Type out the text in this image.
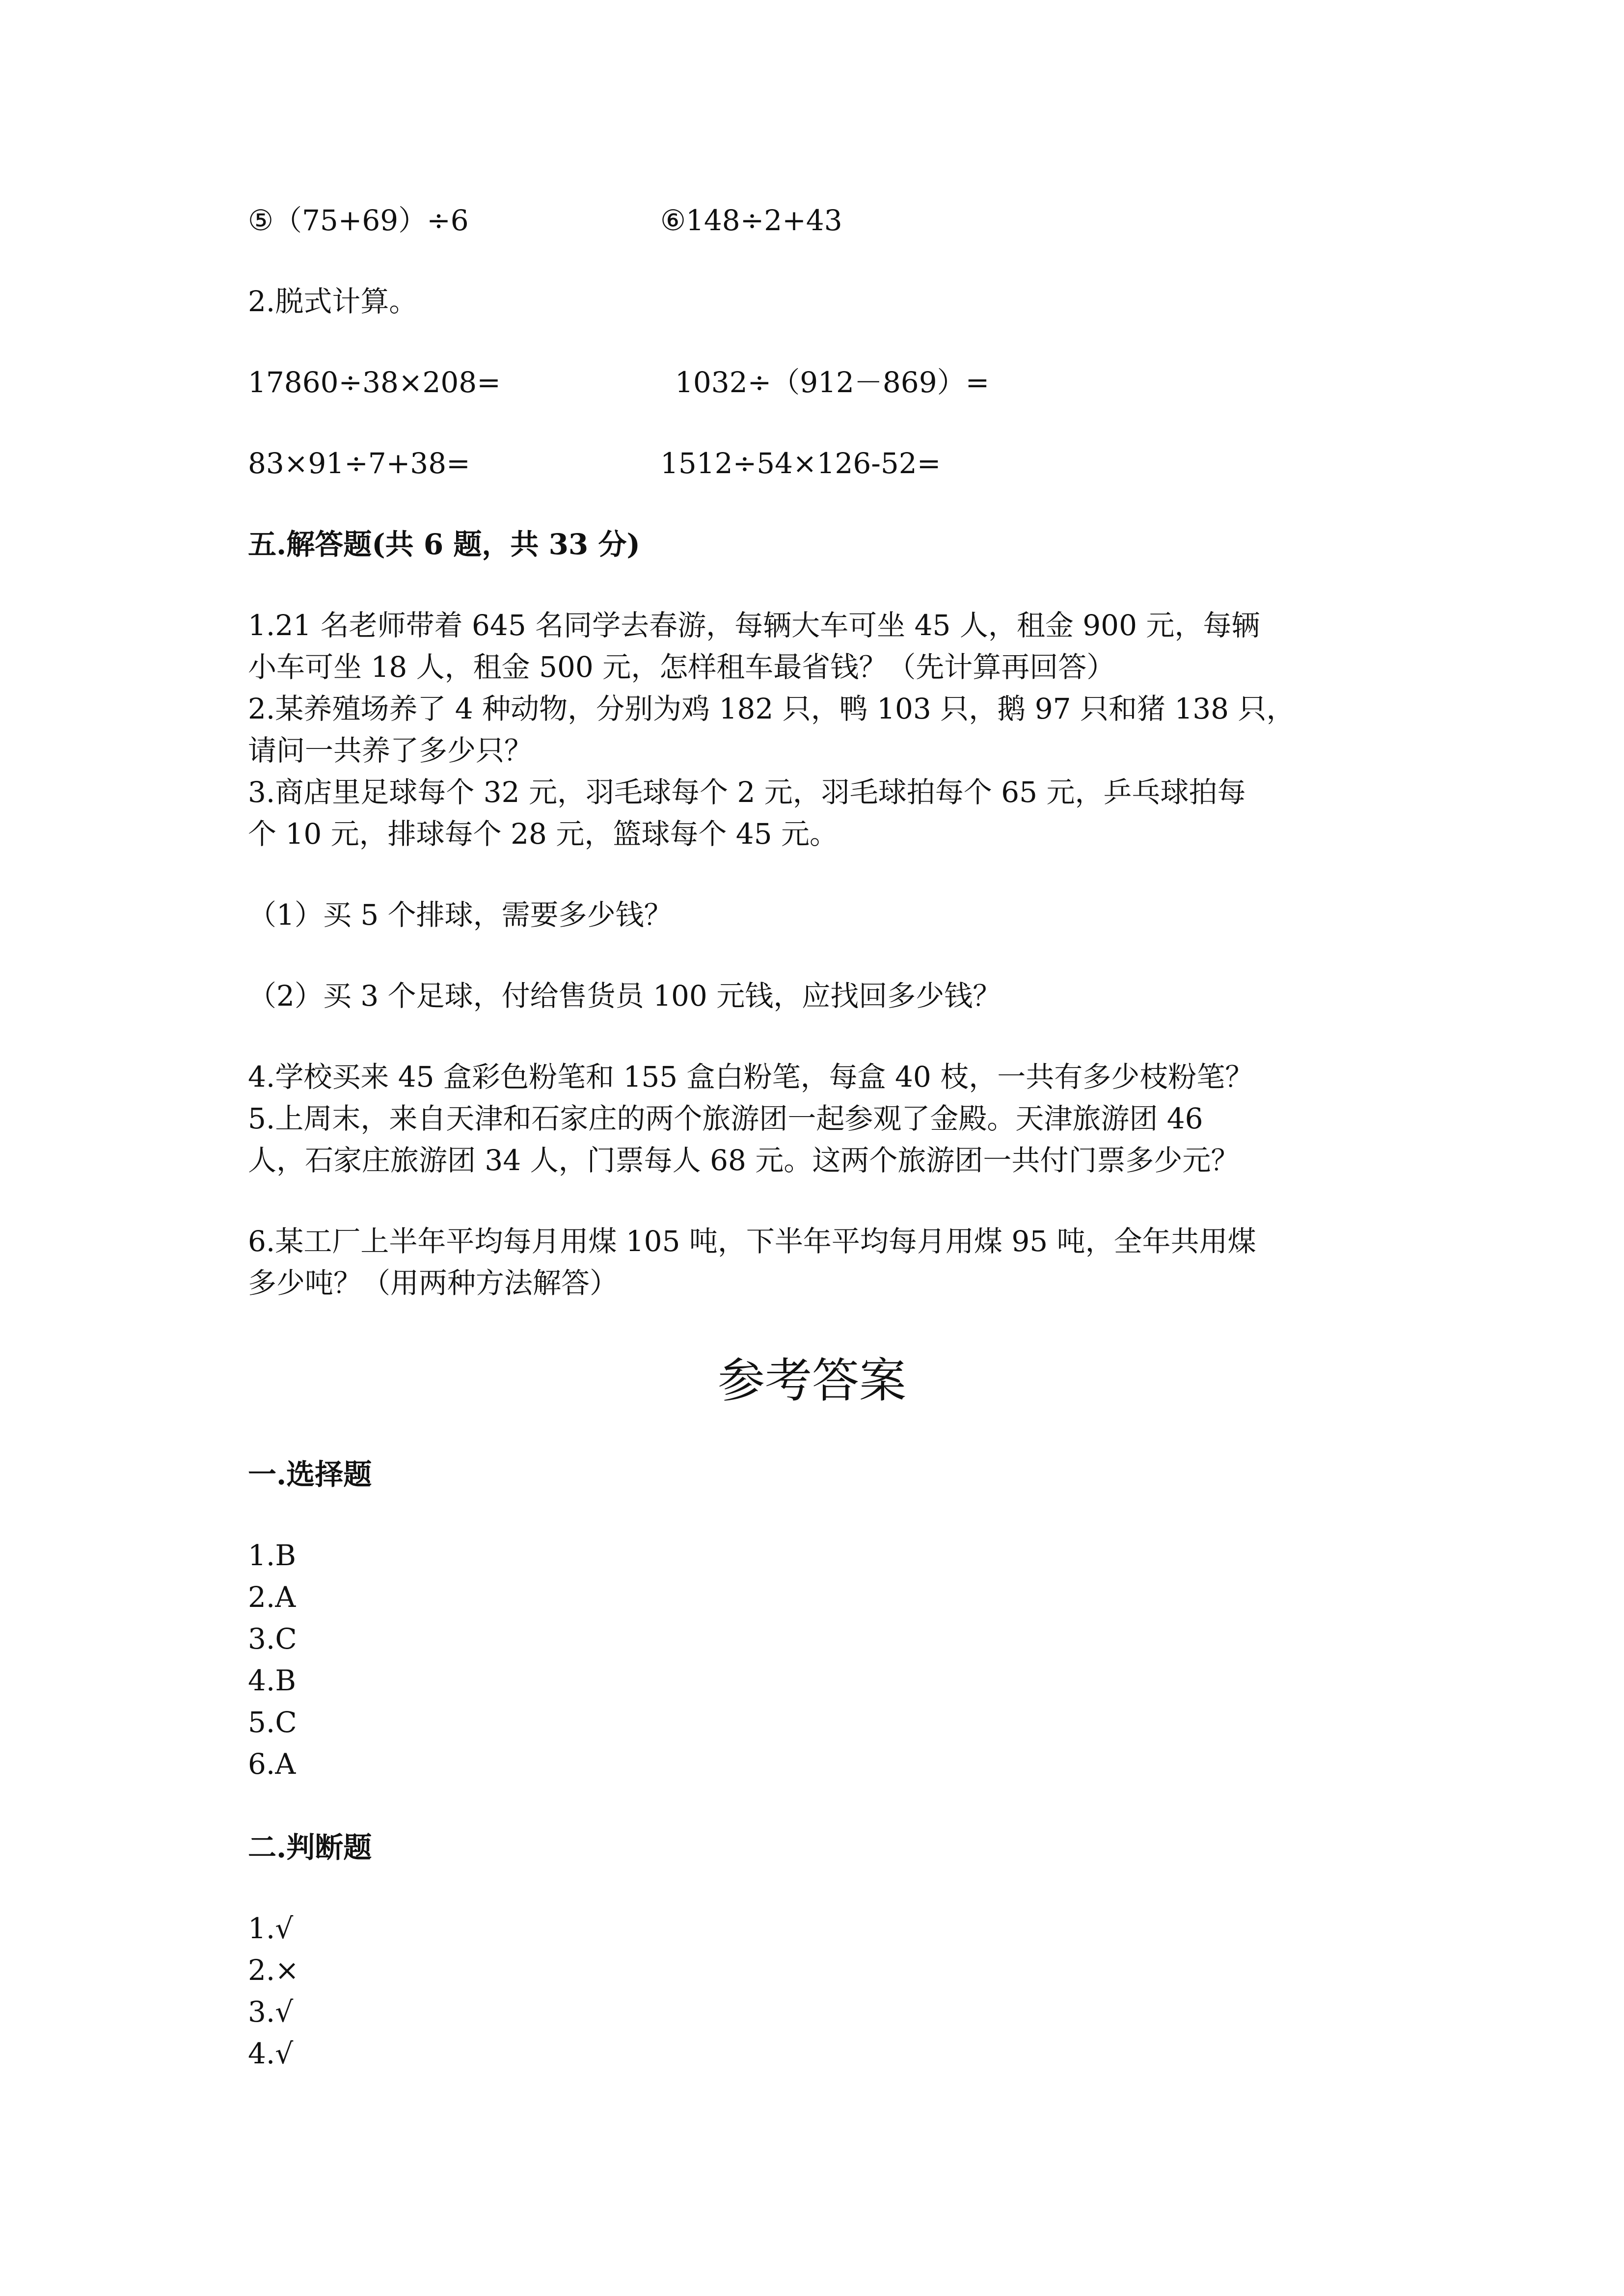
⑤（75+69）÷6	⑥148÷2+43
2.脱式计算。
17860÷38×208=	1032÷（912－869）=
83×91÷7+38=	1512÷54×126-52=
五.解答题(共 6 题，共 33 分)
1.21 名老师带着 645 名同学去春游，每辆大车可坐 45 人，租金 900 元，每辆
小车可坐 18 人，租金 500 元，怎样租车最省钱？（先计算再回答）
2.某养殖场养了 4 种动物，分别为鸡 182 只，鸭 103 只，鹅 97 只和猪 138 只，
请问一共养了多少只？
3.商店里足球每个 32 元，羽毛球每个 2 元，羽毛球拍每个 65 元，乒乓球拍每
个 10 元，排球每个 28 元，篮球每个 45 元。
（1）买 5 个排球，需要多少钱？
（2）买 3 个足球，付给售货员 100 元钱，应找回多少钱？
4.学校买来 45 盒彩色粉笔和 155 盒白粉笔，每盒 40 枝，一共有多少枝粉笔？
5.上周末，来自天津和石家庄的两个旅游团一起参观了金殿。天津旅游团 46
人，石家庄旅游团 34 人，门票每人 68 元。这两个旅游团一共付门票多少元？
6.某工厂上半年平均每月用煤 105 吨，下半年平均每月用煤 95 吨，全年共用煤
多少吨？（用两种方法解答）
参考答案
一.选择题
1.B
2.A
3.C
4.B
5.C
6.A
二.判断题
1.√
2.×
3.√
4.√
